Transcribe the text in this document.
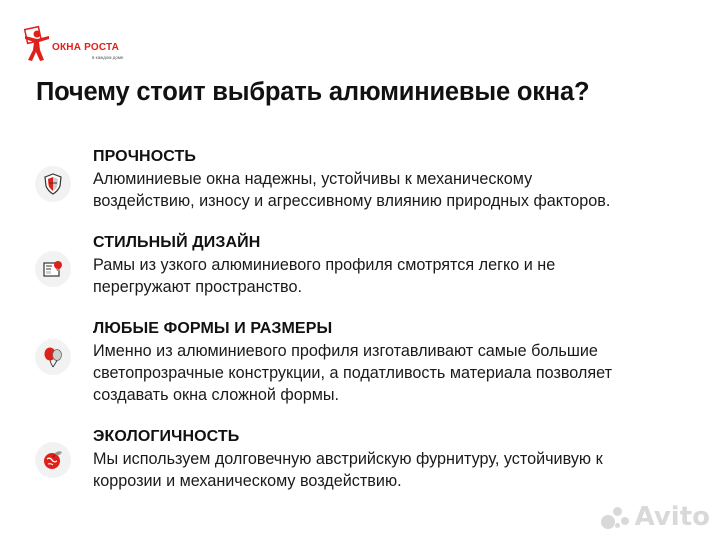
ОКНА РОСТА
в каждом доме
Почему стоит выбрать алюминиевые окна?
ПРОЧНОСТЬ
Алюминиевые окна надежны, устойчивы к механическому
воздействию, износу и агрессивному влиянию природных факторов.
СТИЛЬНЫЙ ДИЗАЙН
Рамы из узкого алюминиевого профиля смотрятся легко и не
перегружают пространство.
ЛЮБЫЕ ФОРМЫ И РАЗМЕРЫ
Именно из алюминиевого профиля изготавливают самые большие
светопрозрачные конструкции, а податливость материала позволяет
создавать окна сложной формы.
ЭКОЛОГИЧНОСТЬ
Мы используем долговечную австрийскую фурнитуру, устойчивую к
коррозии и механическому воздействию.
Avito
